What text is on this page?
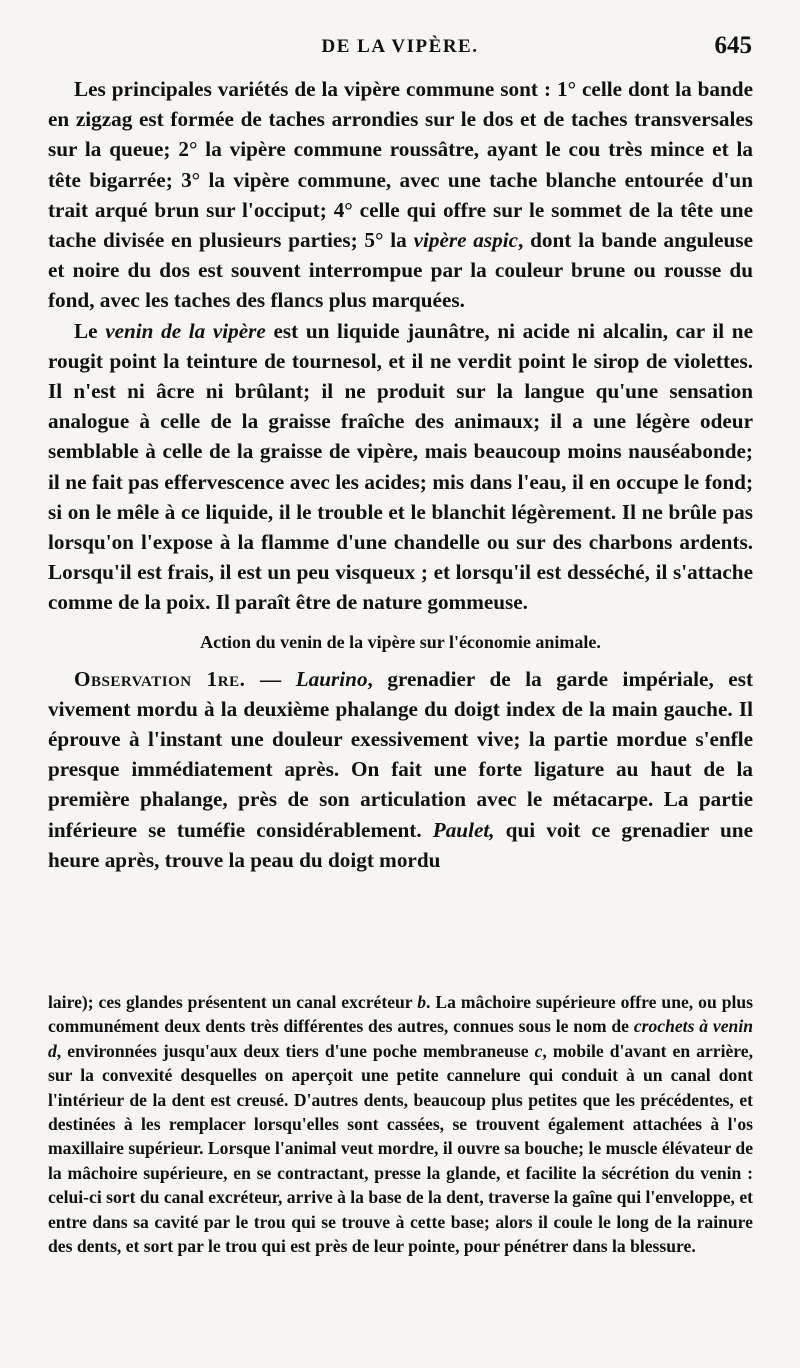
DE LA VIPÈRE.	645

Les principales variétés de la vipère commune sont : 1° celle dont la bande en zigzag est formée de taches arrondies sur le dos et de taches transversales sur la queue; 2° la vipère commune roussâtre, ayant le cou très mince et la tête bigarrée; 3° la vipère commune, avec une tache blanche entourée d'un trait arqué brun sur l'occiput; 4° celle qui offre sur le sommet de la tête une tache divisée en plusieurs parties; 5° la vipère aspic, dont la bande anguleuse et noire du dos est souvent interrompue par la couleur brune ou rousse du fond, avec les taches des flancs plus marquées.

Le venin de la vipère est un liquide jaunâtre, ni acide ni alcalin, car il ne rougit point la teinture de tournesol, et il ne verdit point le sirop de violettes. Il n'est ni âcre ni brûlant; il ne produit sur la langue qu'une sensation analogue à celle de la graisse fraîche des animaux; il a une légère odeur semblable à celle de la graisse de vipère, mais beaucoup moins nauséabonde; il ne fait pas effervescence avec les acides; mis dans l'eau, il en occupe le fond; si on le mêle à ce liquide, il le trouble et le blanchit légèrement. Il ne brûle pas lorsqu'on l'expose à la flamme d'une chandelle ou sur des charbons ardents. Lorsqu'il est frais, il est un peu visqueux ; et lorsqu'il est desséché, il s'attache comme de la poix. Il paraît être de nature gommeuse.

Action du venin de la vipère sur l'économie animale.

Observation 1re. — Laurino, grenadier de la garde impériale, est vivement mordu à la deuxième phalange du doigt index de la main gauche. Il éprouve à l'instant une douleur exessivement vive; la partie mordue s'enfle presque immédiatement après. On fait une forte ligature au haut de la première phalange, près de son articulation avec le métacarpe. La partie inférieure se tuméfie considérablement. Paulet, qui voit ce grenadier une heure après, trouve la peau du doigt mordu

laire); ces glandes présentent un canal excréteur b. La mâchoire supérieure offre une, ou plus communément deux dents très différentes des autres, connues sous le nom de crochets à venin d, environnées jusqu'aux deux tiers d'une poche membraneuse c, mobile d'avant en arrière, sur la convexité desquelles on aperçoit une petite cannelure qui conduit à un canal dont l'intérieur de la dent est creusé. D'autres dents, beaucoup plus petites que les précédentes, et destinées à les remplacer lorsqu'elles sont cassées, se trouvent également attachées à l'os maxillaire supérieur. Lorsque l'animal veut mordre, il ouvre sa bouche; le muscle élévateur de la mâchoire supérieure, en se contractant, presse la glande, et facilite la sécrétion du venin : celui-ci sort du canal excréteur, arrive à la base de la dent, traverse la gaîne qui l'enveloppe, et entre dans sa cavité par le trou qui se trouve à cette base; alors il coule le long de la rainure des dents, et sort par le trou qui est près de leur pointe, pour pénétrer dans la blessure.
